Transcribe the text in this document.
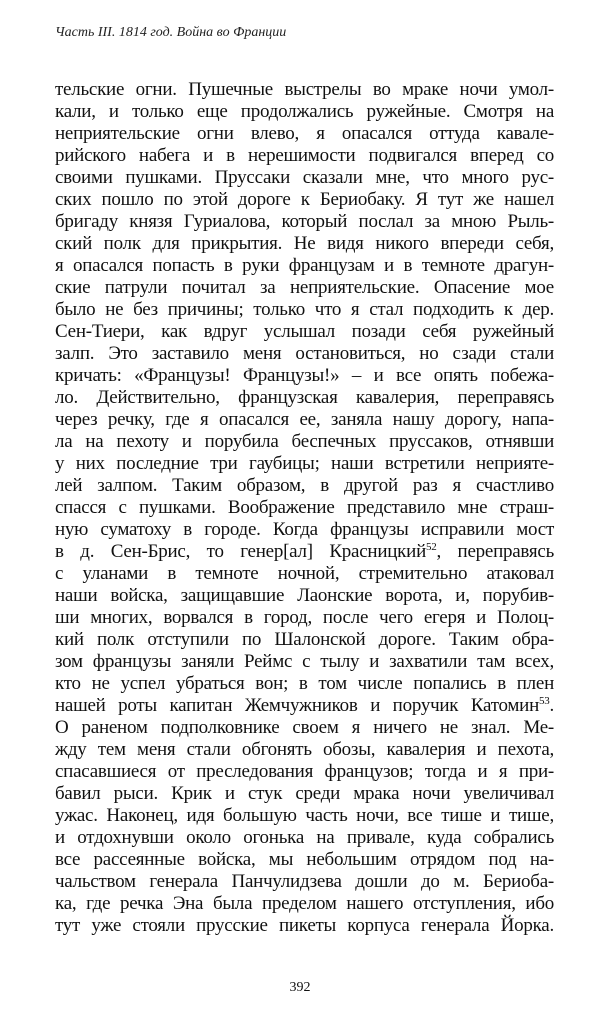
Часть III. 1814 год. Война во Франции
тельские огни. Пушечные выстрелы во мраке ночи умол-
кали, и только еще продолжались ружейные. Смотря на
неприятельские огни влево, я опасался оттуда кавале-
рийского набега и в нерешимости подвигался вперед со
своими пушками. Пруссаки сказали мне, что много рус-
ских пошло по этой дороге к Бериобаку. Я тут же нашел
бригаду князя Гуриалова, который послал за мною Рыль-
ский полк для прикрытия. Не видя никого впереди себя,
я опасался попасть в руки французам и в темноте драгун-
ские патрули почитал за неприятельские. Опасение мое
было не без причины; только что я стал подходить к дер.
Сен-Тиери, как вдруг услышал позади себя ружейный
залп. Это заставило меня остановиться, но сзади стали
кричать: «Французы! Французы!» – и все опять побежа-
ло. Действительно, французская кавалерия, переправясь
через речку, где я опасался ее, заняла нашу дорогу, напа-
ла на пехоту и порубила беспечных пруссаков, отнявши
у них последние три гаубицы; наши встретили неприяте-
лей залпом. Таким образом, в другой раз я счастливо
спасся с пушками. Воображение представило мне страш-
ную суматоху в городе. Когда французы исправили мост
в д. Сен-Брис, то генер[ал] Красницкий$^{52}$, переправясь
с уланами в темноте ночной, стремительно атаковал
наши войска, защищавшие Лаонские ворота, и, порубив-
ши многих, ворвался в город, после чего егеря и Полоц-
кий полк отступили по Шалонской дороге. Таким обра-
зом французы заняли Реймс с тылу и захватили там всех,
кто не успел убраться вон; в том числе попались в плен
нашей роты капитан Жемчужников и поручик Катомин$^{53}$.
О раненом подполковнике своем я ничего не знал. Ме-
жду тем меня стали обгонять обозы, кавалерия и пехота,
спасавшиеся от преследования французов; тогда и я при-
бавил рыси. Крик и стук среди мрака ночи увеличивал
ужас. Наконец, идя большую часть ночи, все тише и тише,
и отдохнувши около огонька на привале, куда собрались
все рассеянные войска, мы небольшим отрядом под на-
чальством генерала Панчулидзева дошли до м. Бериоба-
ка, где речка Эна была пределом нашего отступления, ибо
тут уже стояли прусские пикеты корпуса генерала Йорка.
392
